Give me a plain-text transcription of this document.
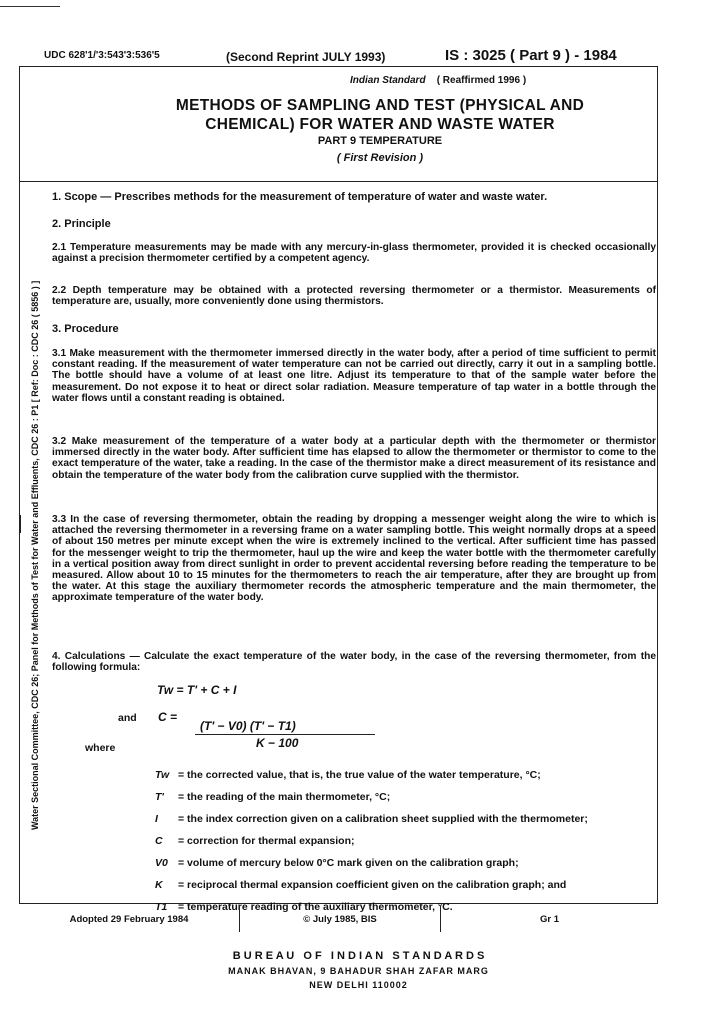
UDC 628'1/'3:543'3:536'5	(Second Reprint JULY 1993)	IS : 3025 ( Part 9 ) - 1984
Water Sectional Committee, CDC 26; Panel for Methods of Test for Water and Effluents, CDC 26 : P1 [ Ref: Doc : CDC 26 ( 5856 ) ]
Indian Standard ( Reaffirmed 1996 )
METHODS OF SAMPLING AND TEST (PHYSICAL AND
CHEMICAL) FOR WATER AND WASTE WATER
PART 9 TEMPERATURE
( First Revision )
1. Scope — Prescribes methods for the measurement of temperature of water and waste water.
2. Principle
2.1 Temperature measurements may be made with any mercury-in-glass thermometer, provided it is checked occasionally against a precision thermometer certified by a competent agency.
2.2 Depth temperature may be obtained with a protected reversing thermometer or a thermistor. Measurements of temperature are, usually, more conveniently done using thermistors.
3. Procedure
3.1 Make measurement with the thermometer immersed directly in the water body, after a period of time sufficient to permit constant reading. If the measurement of water temperature can not be carried out directly, carry it out in a sampling bottle. The bottle should have a volume of at least one litre. Adjust its temperature to that of the sample water before the measurement. Do not expose it to heat or direct solar radiation. Measure temperature of tap water in a bottle through the water flows until a constant reading is obtained.
3.2 Make measurement of the temperature of a water body at a particular depth with the thermometer or thermistor immersed directly in the water body. After sufficient time has elapsed to allow the thermometer or thermistor to come to the exact temperature of the water, take a reading. In the case of the thermistor make a direct measurement of its resistance and obtain the temperature of the water body from the calibration curve supplied with the thermistor.
3.3 In the case of reversing thermometer, obtain the reading by dropping a messenger weight along the wire to which is attached the reversing thermometer in a reversing frame on a water sampling bottle. This weight normally drops at a speed of about 150 metres per minute except when the wire is extremely inclined to the vertical. After sufficient time has passed for the messenger weight to trip the thermometer, haul up the wire and keep the water bottle with the thermometer carefully in a vertical position away from direct sunlight in order to prevent accidental reversing before reading the temperature to be measured. Allow about 10 to 15 minutes for the thermometers to reach the air temperature, after they are brought up from the water. At this stage the auxiliary thermometer records the atmospheric temperature and the main thermometer, the approximate temperature of the water body.
4. Calculations — Calculate the exact temperature of the water body, in the case of the reversing thermometer, from the following formula:
Tw = T' + C + I
and C =
(T' − V0) (T' − T1)
K − 100
where
Tw = the corrected value, that is, the true value of the water temperature, °C;
T' = the reading of the main thermometer, °C;
I = the index correction given on a calibration sheet supplied with the thermometer;
C = correction for thermal expansion;
V0 = volume of mercury below 0°C mark given on the calibration graph;
K = reciprocal thermal expansion coefficient given on the calibration graph; and
T1 = temperature reading of the auxiliary thermometer, °C.
Adopted 29 February 1984	© July 1985, BIS	Gr 1
B U R E A U   O F   I N D I A N   S T A N D A R D S
MANAK BHAVAN, 9 BAHADUR SHAH ZAFAR MARG
NEW DELHI 110002
